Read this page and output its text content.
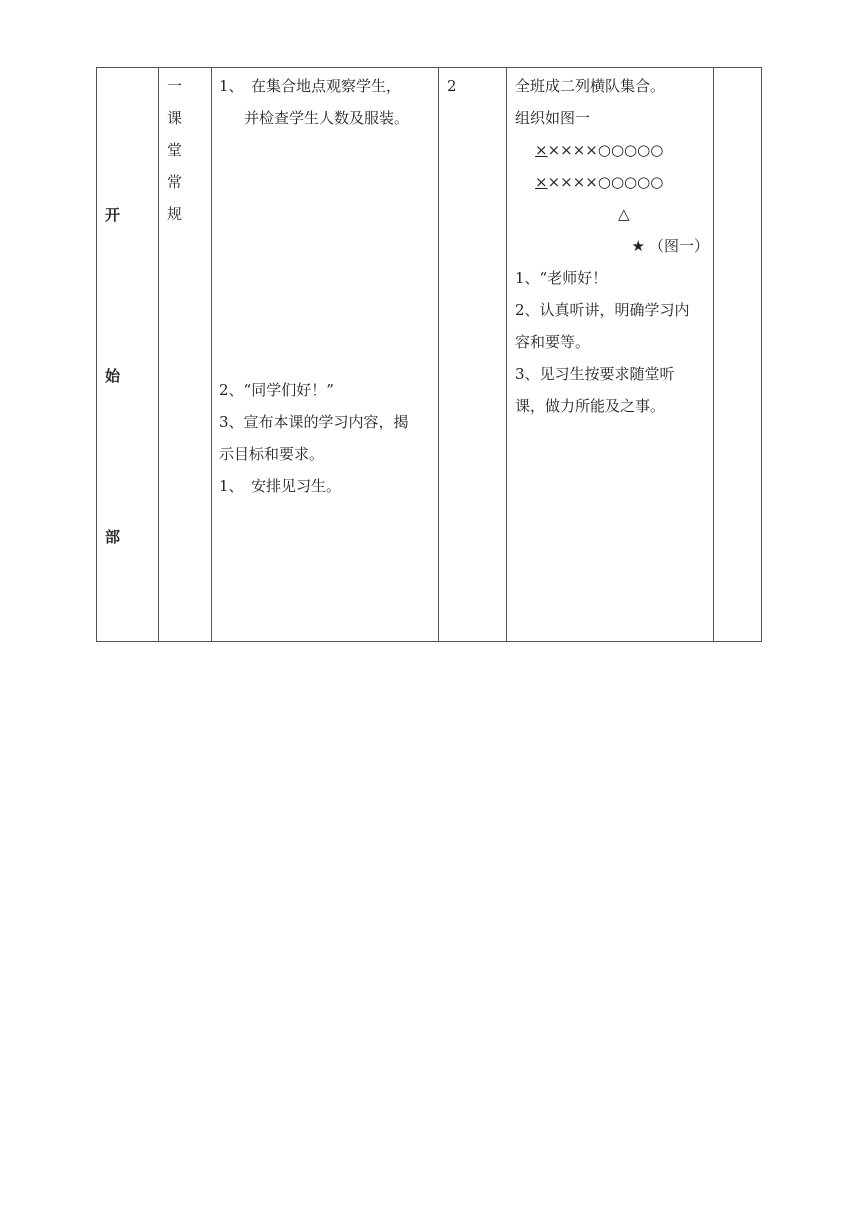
开
始
部
一
课
堂
常
规
1、　在集合地点观察学生，
　并检查学生人数及服装。
2、“同学们好！”
3、宣布本课的学习内容，揭
示目标和要求。
1、　安排见习生。
2	全班成二列横队集合。
组织如图一
×××××○○○○○
×××××○○○○○
△
★ （图一）
1、“老师好！
2、认真听讲，明确学习内
容和要等。
3、见习生按要求随堂听
课，做力所能及之事。
